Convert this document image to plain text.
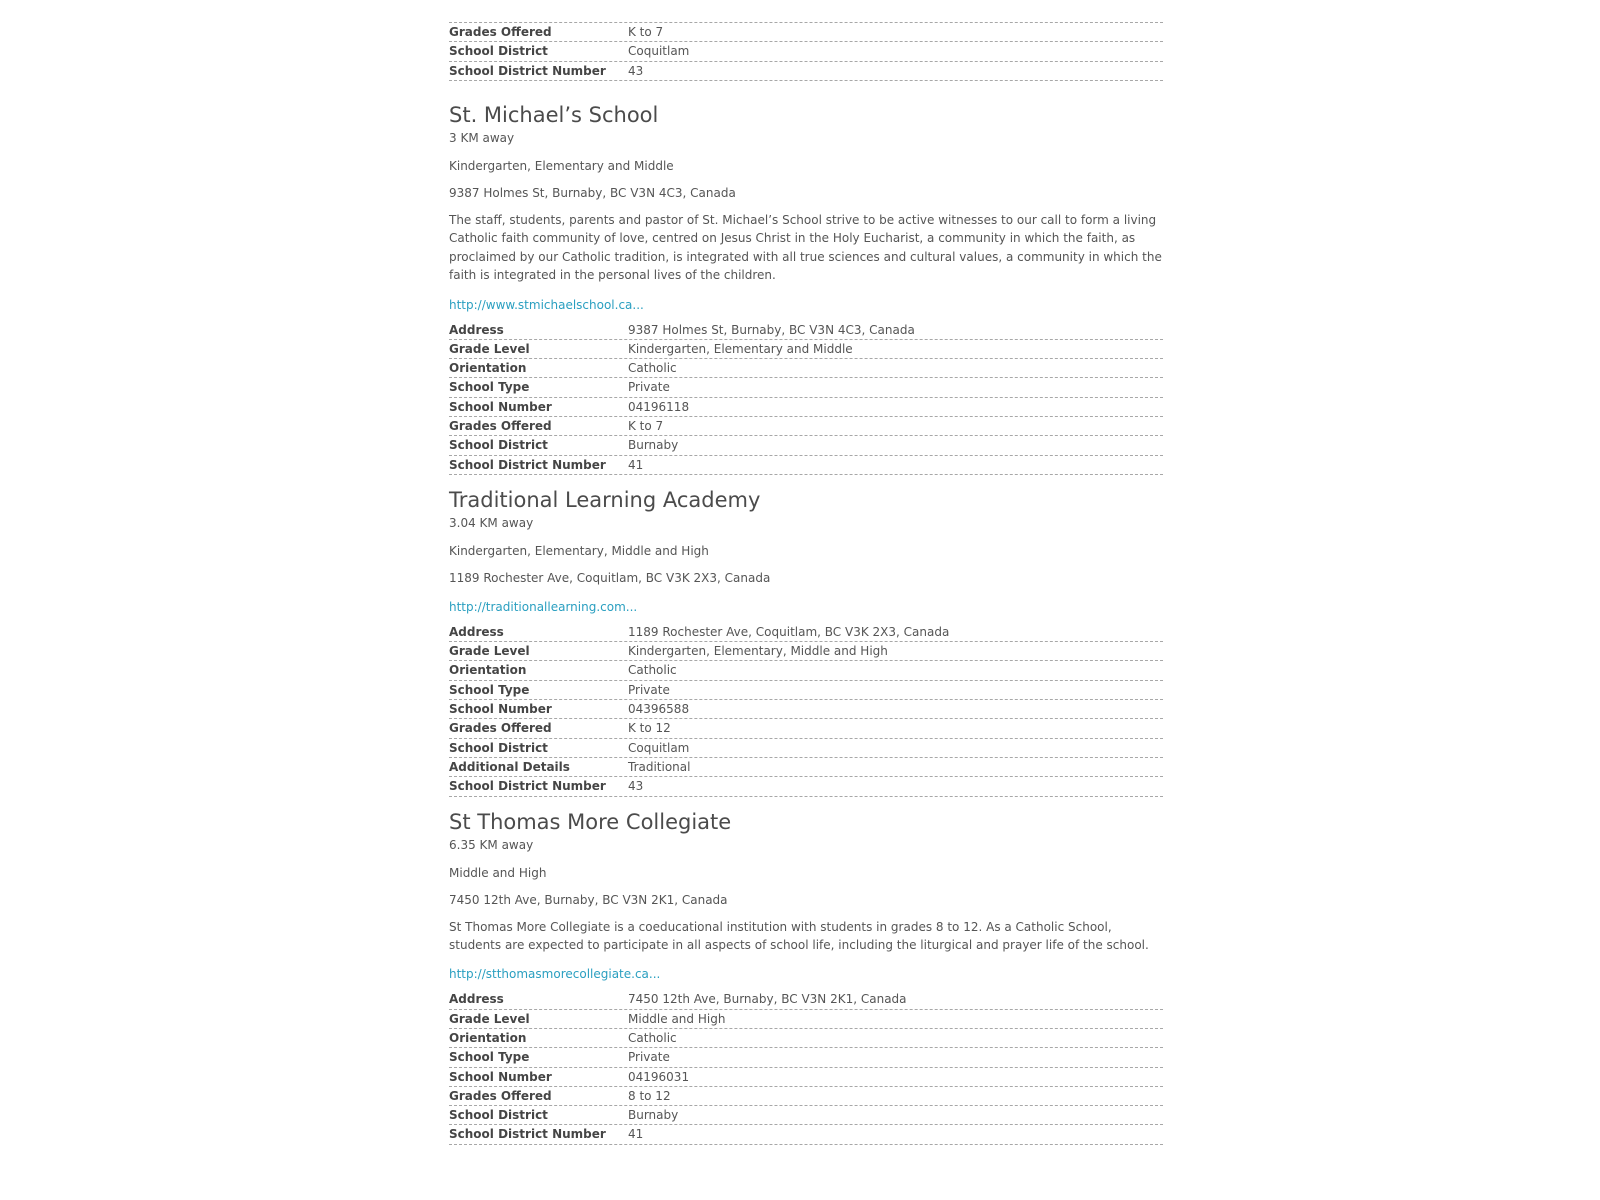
Grades Offered	K to 7
School District	Coquitlam
School District Number	43
St. Michael’s School
3 KM away

Kindergarten, Elementary and Middle

9387 Holmes St, Burnaby, BC V3N 4C3, Canada

The staff, students, parents and pastor of St. Michael’s School strive to be active witnesses to our call to form a living Catholic faith community of love, centred on Jesus Christ in the Holy Eucharist, a community in which the faith, as proclaimed by our Catholic tradition, is integrated with all true sciences and cultural values, a community in which the faith is integrated in the personal lives of the children.

http://www.stmichaelschool.ca...
Address	9387 Holmes St, Burnaby, BC V3N 4C3, Canada
Grade Level	Kindergarten, Elementary and Middle
Orientation	Catholic
School Type	Private
School Number	04196118
Grades Offered	K to 7
School District	Burnaby
School District Number	41
Traditional Learning Academy
3.04 KM away

Kindergarten, Elementary, Middle and High

1189 Rochester Ave, Coquitlam, BC V3K 2X3, Canada

http://traditionallearning.com...
Address	1189 Rochester Ave, Coquitlam, BC V3K 2X3, Canada
Grade Level	Kindergarten, Elementary, Middle and High
Orientation	Catholic
School Type	Private
School Number	04396588
Grades Offered	K to 12
School District	Coquitlam
Additional Details	Traditional
School District Number	43
St Thomas More Collegiate
6.35 KM away

Middle and High

7450 12th Ave, Burnaby, BC V3N 2K1, Canada

St Thomas More Collegiate is a coeducational institution with students in grades 8 to 12. As a Catholic School, students are expected to participate in all aspects of school life, including the liturgical and prayer life of the school.

http://stthomasmorecollegiate.ca...
Address	7450 12th Ave, Burnaby, BC V3N 2K1, Canada
Grade Level	Middle and High
Orientation	Catholic
School Type	Private
School Number	04196031
Grades Offered	8 to 12
School District	Burnaby
School District Number	41
